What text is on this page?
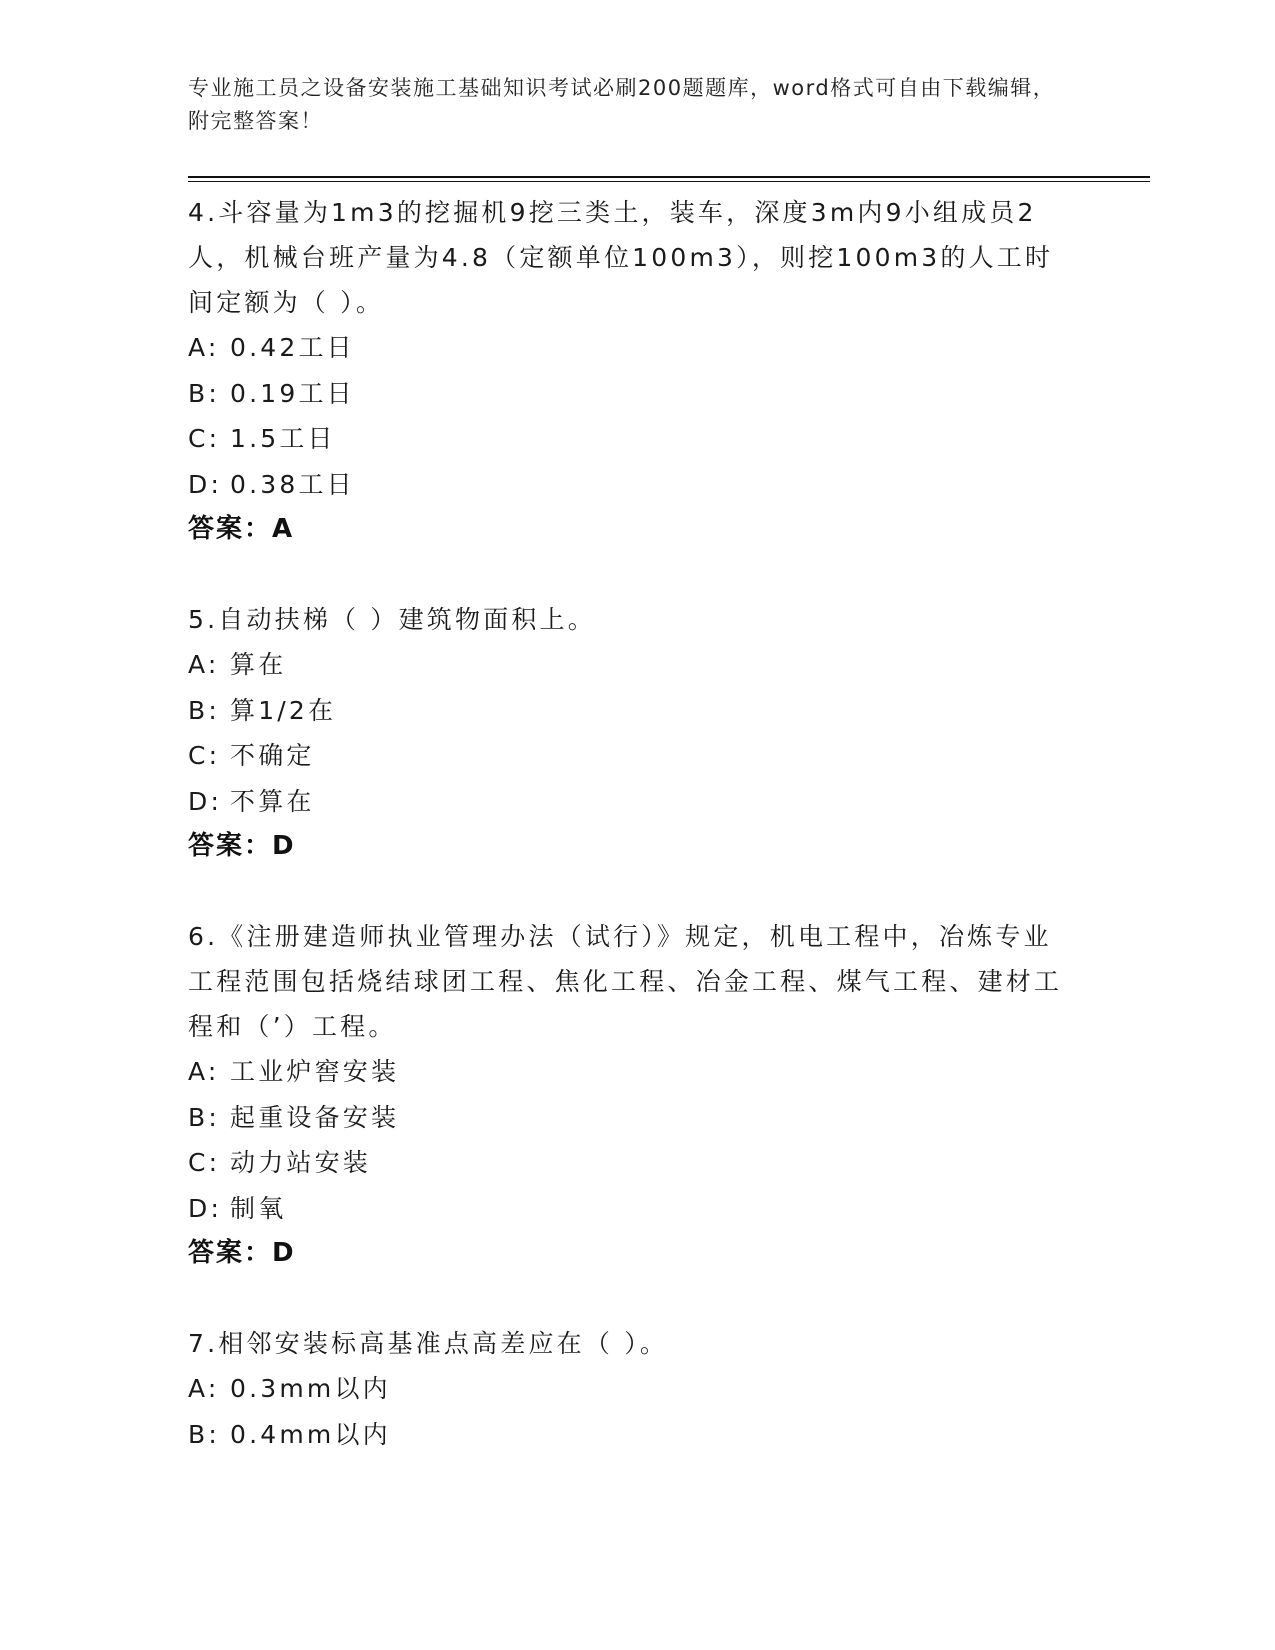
专业施工员之设备安装施工基础知识考试必刷200题题库，word格式可自由下载编辑，附完整答案！

4.斗容量为1m3的挖掘机9挖三类土，装车，深度3m内9小组成员2人，机械台班产量为4.8（定额单位100m3），则挖100m3的人工时间定额为（ ）。

A: 0.42工日

B: 0.19工日

C: 1.5工日

D: 0.38工日

答案：A

5.自动扶梯（ ）建筑物面积上。

A: 算在

B: 算1/2在

C: 不确定

D: 不算在

答案：D

6.《注册建造师执业管理办法（试行）》规定，机电工程中，冶炼专业工程范围包括烧结球团工程、焦化工程、冶金工程、煤气工程、建材工程和（’）工程。

A: 工业炉窖安装

B: 起重设备安装

C: 动力站安装

D: 制氧

答案：D

7.相邻安装标高基准点高差应在（ ）。

A: 0.3mm以内

B: 0.4mm以内
